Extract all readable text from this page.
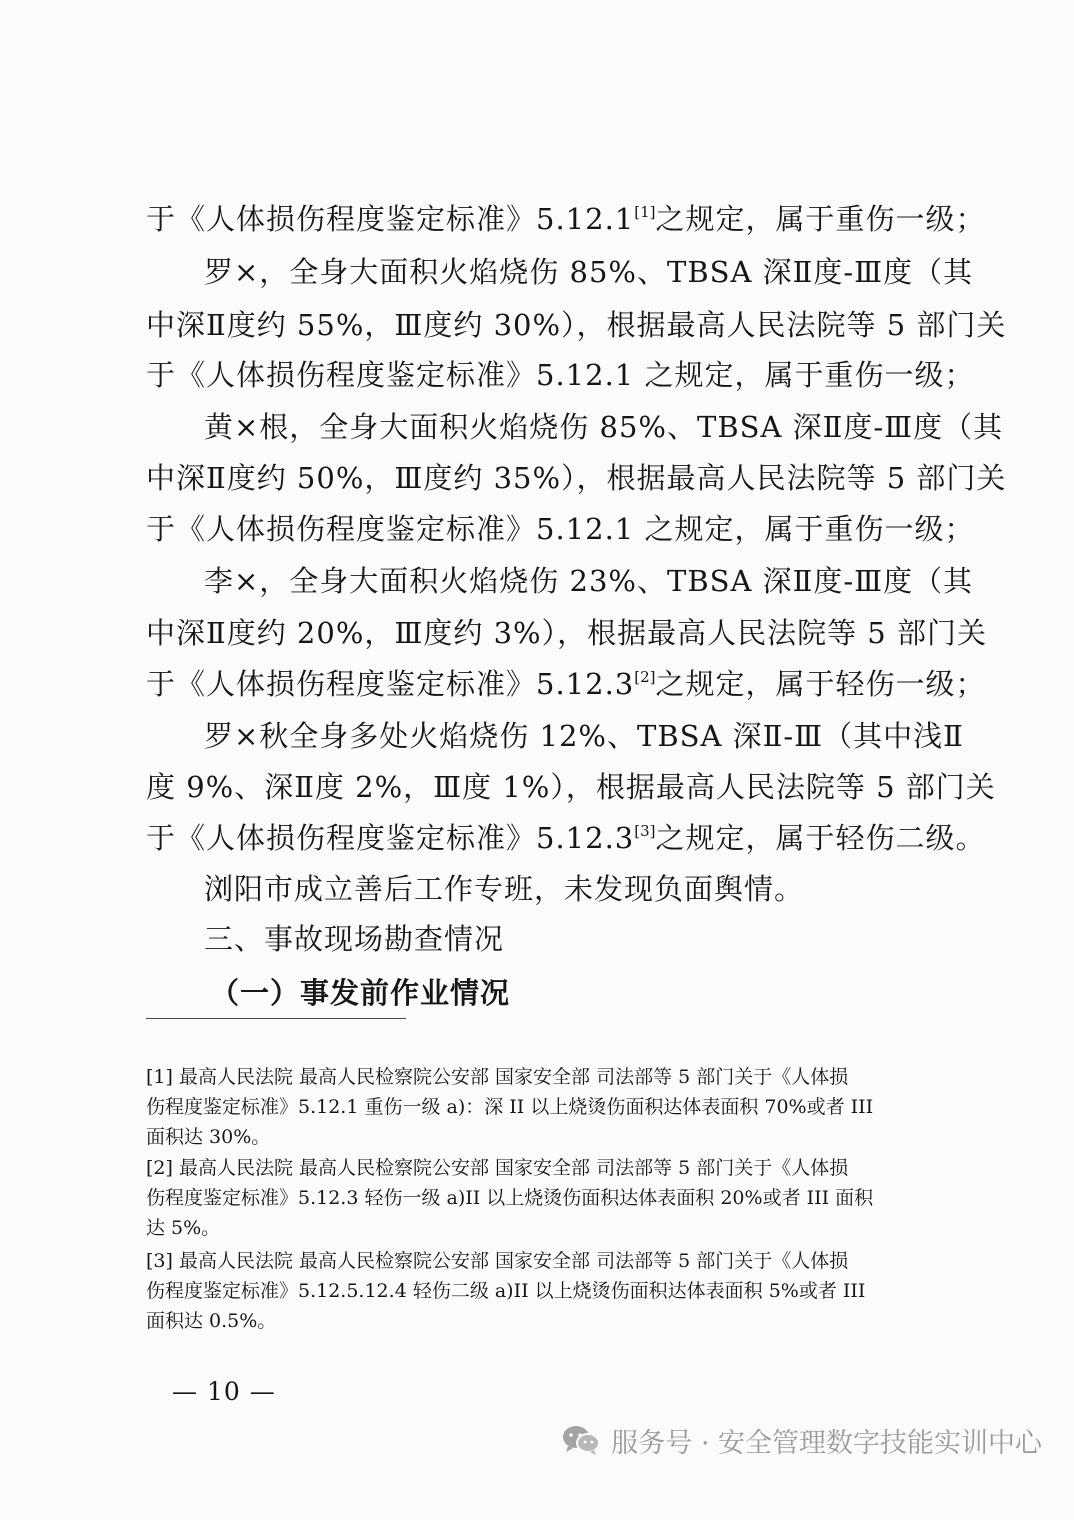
于《人体损伤程度鉴定标准》5.12.1[1]之规定，属于重伤一级；
罗×，全身大面积火焰烧伤 85%、TBSA 深Ⅱ度-Ⅲ度（其
中深Ⅱ度约 55%，Ⅲ度约 30%），根据最高人民法院等 5 部门关
于《人体损伤程度鉴定标准》5.12.1 之规定，属于重伤一级；
黄×根，全身大面积火焰烧伤 85%、TBSA 深Ⅱ度-Ⅲ度（其
中深Ⅱ度约 50%，Ⅲ度约 35%），根据最高人民法院等 5 部门关
于《人体损伤程度鉴定标准》5.12.1 之规定，属于重伤一级；
李×，全身大面积火焰烧伤 23%、TBSA 深Ⅱ度-Ⅲ度（其
中深Ⅱ度约 20%，Ⅲ度约 3%），根据最高人民法院等 5 部门关
于《人体损伤程度鉴定标准》5.12.3[2]之规定，属于轻伤一级；
罗×秋全身多处火焰烧伤 12%、TBSA 深Ⅱ-Ⅲ（其中浅Ⅱ
度 9%、深Ⅱ度 2%，Ⅲ度 1%），根据最高人民法院等 5 部门关
于《人体损伤程度鉴定标准》5.12.3[3]之规定，属于轻伤二级。
浏阳市成立善后工作专班，未发现负面舆情。
三、事故现场勘查情况
（一）事发前作业情况
[1] 最高人民法院 最高人民检察院公安部 国家安全部 司法部等 5 部门关于《人体损
伤程度鉴定标准》5.12.1 重伤一级 a)：深 II 以上烧烫伤面积达体表面积 70%或者 III
面积达 30%。
[2] 最高人民法院 最高人民检察院公安部 国家安全部 司法部等 5 部门关于《人体损
伤程度鉴定标准》5.12.3 轻伤一级 a)II 以上烧烫伤面积达体表面积 20%或者 III 面积
达 5%。
[3] 最高人民法院 最高人民检察院公安部 国家安全部 司法部等 5 部门关于《人体损
伤程度鉴定标准》5.12.5.12.4 轻伤二级 a)II 以上烧烫伤面积达体表面积 5%或者 III
面积达 0.5%。
— 10 —
服务号 · 安全管理数字技能实训中心
